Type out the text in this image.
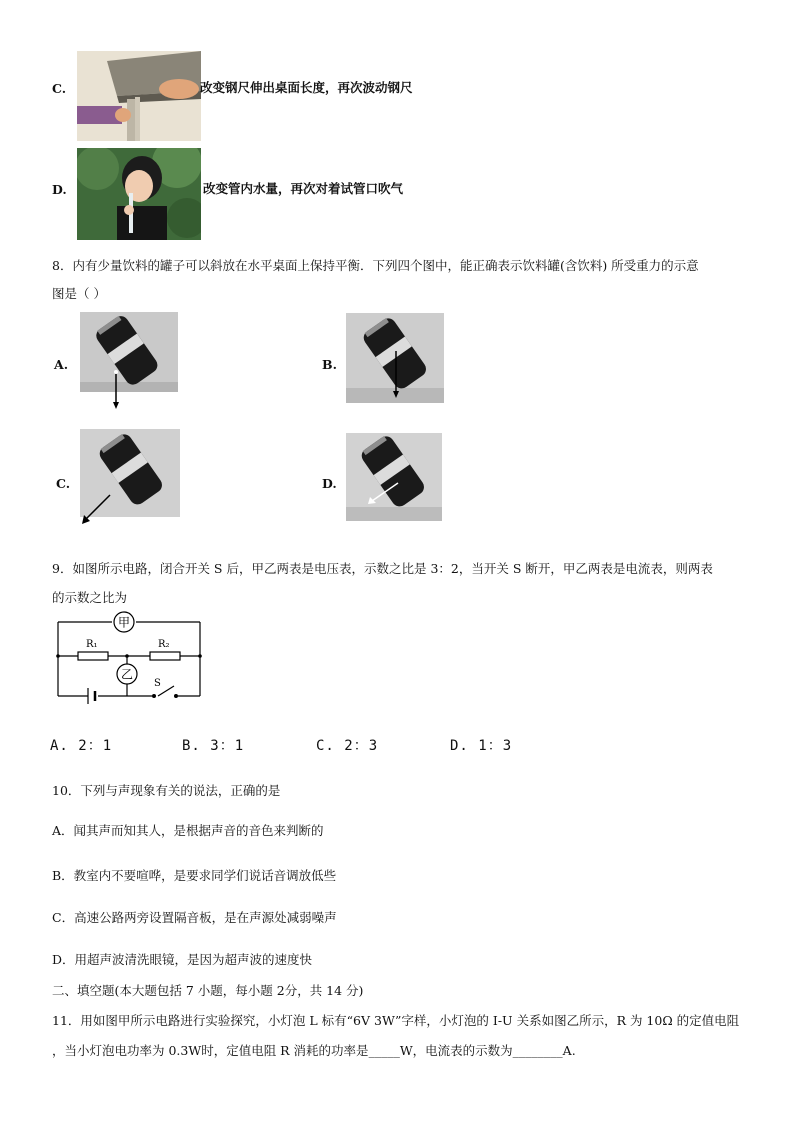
C.	改变钢尺伸出桌面长度，再次波动钢尺
D.	改变管内水量，再次对着试管口吹气
8．内有少量饮料的罐子可以斜放在水平桌面上保持平衡．下列四个图中，能正确表示饮料罐(含饮料) 所受重力的示意
图是（ ）
A.	B.
C.	D.
9．如图所示电路，闭合开关 S 后，甲乙两表是电压表，示数之比是 3：2，当开关 S 断开，甲乙两表是电流表，则两表
的示数之比为
甲
R₁	R₂
乙
S
A. 2：1	B. 3：1	C. 2：3	D. 1：3
10．下列与声现象有关的说法，正确的是
A．闻其声而知其人，是根据声音的音色来判断的
B．教室内不要喧哗，是要求同学们说话音调放低些
C．高速公路两旁设置隔音板，是在声源处减弱噪声
D．用超声波清洗眼镜，是因为超声波的速度快
二、填空题(本大题包括 7 小题，每小题 2分，共 14 分)
11．用如图甲所示电路进行实验探究，小灯泡 L 标有“6V 3W”字样，小灯泡的 I-U 关系如图乙所示，R 为 10Ω 的定值电阻
，当小灯泡电功率为 0.3W时，定值电阻 R 消耗的功率是_____W，电流表的示数为________A.
